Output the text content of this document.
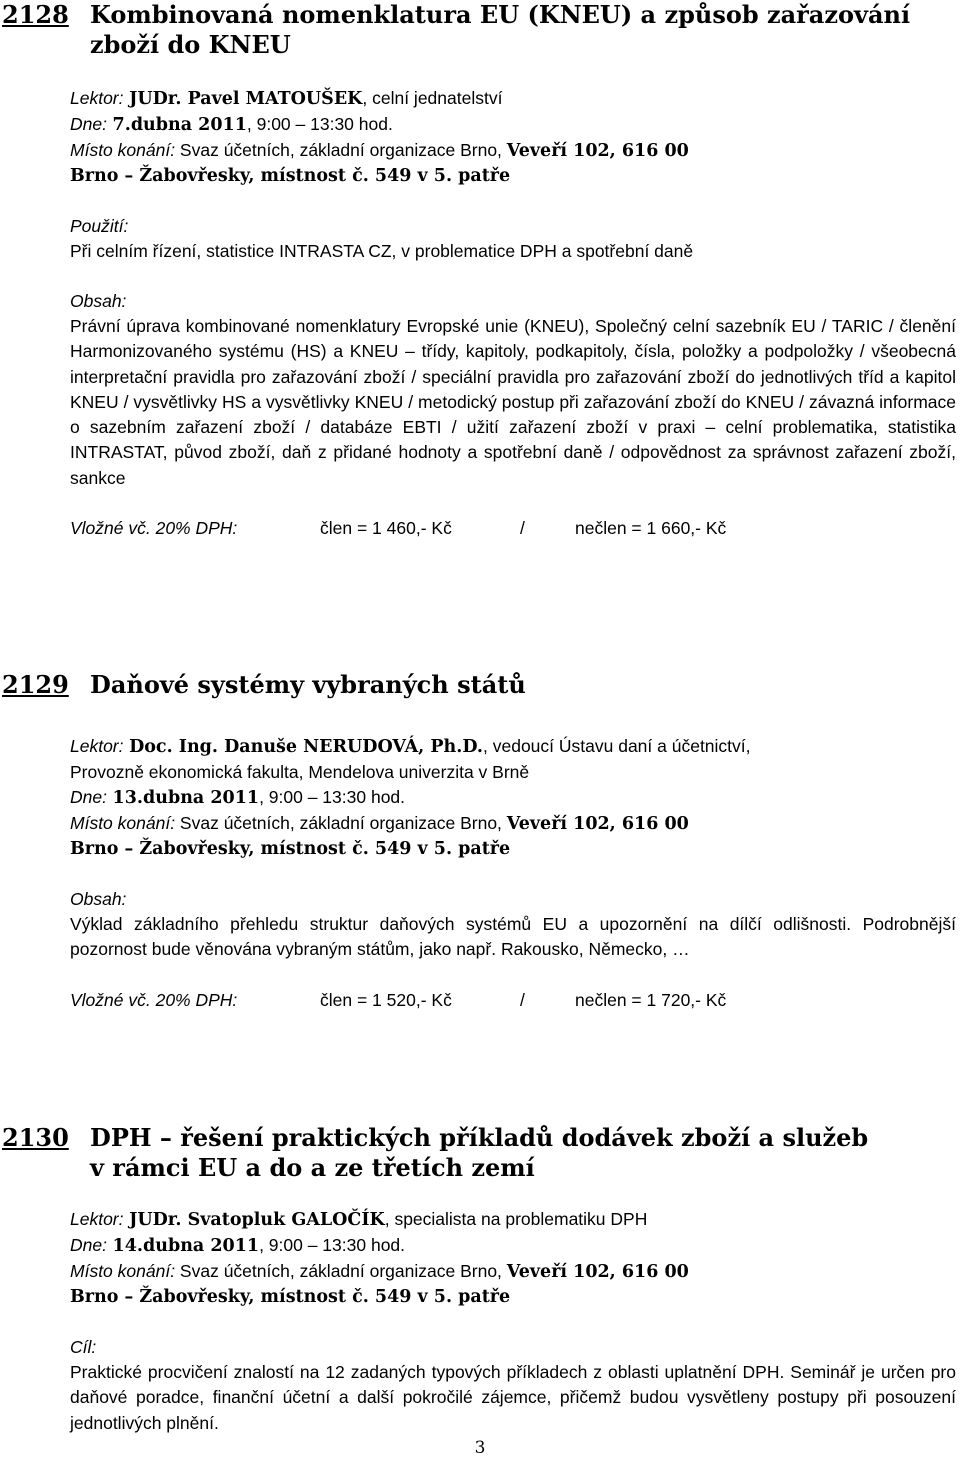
2128 Kombinovaná nomenklatura EU (KNEU) a způsob zařazování
zboží do KNEU
Lektor: JUDr. Pavel MATOUŠEK, celní jednatelství
Dne: 7.dubna 2011, 9:00 – 13:30 hod.
Místo konání: Svaz účetních, základní organizace Brno, Veveří 102, 616 00
Brno – Žabovřesky, místnost č. 549 v 5. patře
Použití:
Při celním řízení, statistice INTRASTA CZ, v problematice DPH a spotřební daně
Obsah:
Právní úprava kombinované nomenklatury Evropské unie (KNEU), Společný celní sazebník EU / TARIC / členění Harmonizovaného systému (HS) a KNEU – třídy, kapitoly, podkapitoly, čísla, položky a podpoložky / všeobecná interpretační pravidla pro zařazování zboží / speciální pravidla pro zařazování zboží do jednotlivých tříd a kapitol KNEU / vysvětlivky HS a vysvětlivky KNEU / metodický postup při zařazování zboží do KNEU / závazná informace o sazebním zařazení zboží / databáze EBTI / užití zařazení zboží v praxi – celní problematika, statistika INTRASTAT, původ zboží, daň z přidané hodnoty a spotřební daně / odpovědnost za správnost zařazení zboží, sankce
Vložné vč. 20% DPH:	člen = 1 460,- Kč	/	nečlen = 1 660,- Kč
2129 Daňové systémy vybraných států
Lektor: Doc. Ing. Danuše NERUDOVÁ, Ph.D., vedoucí Ústavu daní a účetnictví,
Provozně ekonomická fakulta, Mendelova univerzita v Brně
Dne: 13.dubna 2011, 9:00 – 13:30 hod.
Místo konání: Svaz účetních, základní organizace Brno, Veveří 102, 616 00
Brno – Žabovřesky, místnost č. 549 v 5. patře
Obsah:
Výklad základního přehledu struktur daňových systémů EU a upozornění na dílčí odlišnosti. Podrobnější pozornost bude věnována vybraným státům, jako např. Rakousko, Německo, …
Vložné vč. 20% DPH:	člen = 1 520,- Kč	/	nečlen = 1 720,- Kč
2130 DPH – řešení praktických příkladů dodávek zboží a služeb
v rámci EU a do a ze třetích zemí
Lektor: JUDr. Svatopluk GALOČÍK, specialista na problematiku DPH
Dne: 14.dubna 2011, 9:00 – 13:30 hod.
Místo konání: Svaz účetních, základní organizace Brno, Veveří 102, 616 00
Brno – Žabovřesky, místnost č. 549 v 5. patře
Cíl:
Praktické procvičení znalostí na 12 zadaných typových příkladech z oblasti uplatnění DPH. Seminář je určen pro daňové poradce, finanční účetní a další pokročilé zájemce, přičemž budou vysvětleny postupy při posouzení jednotlivých plnění.
3
